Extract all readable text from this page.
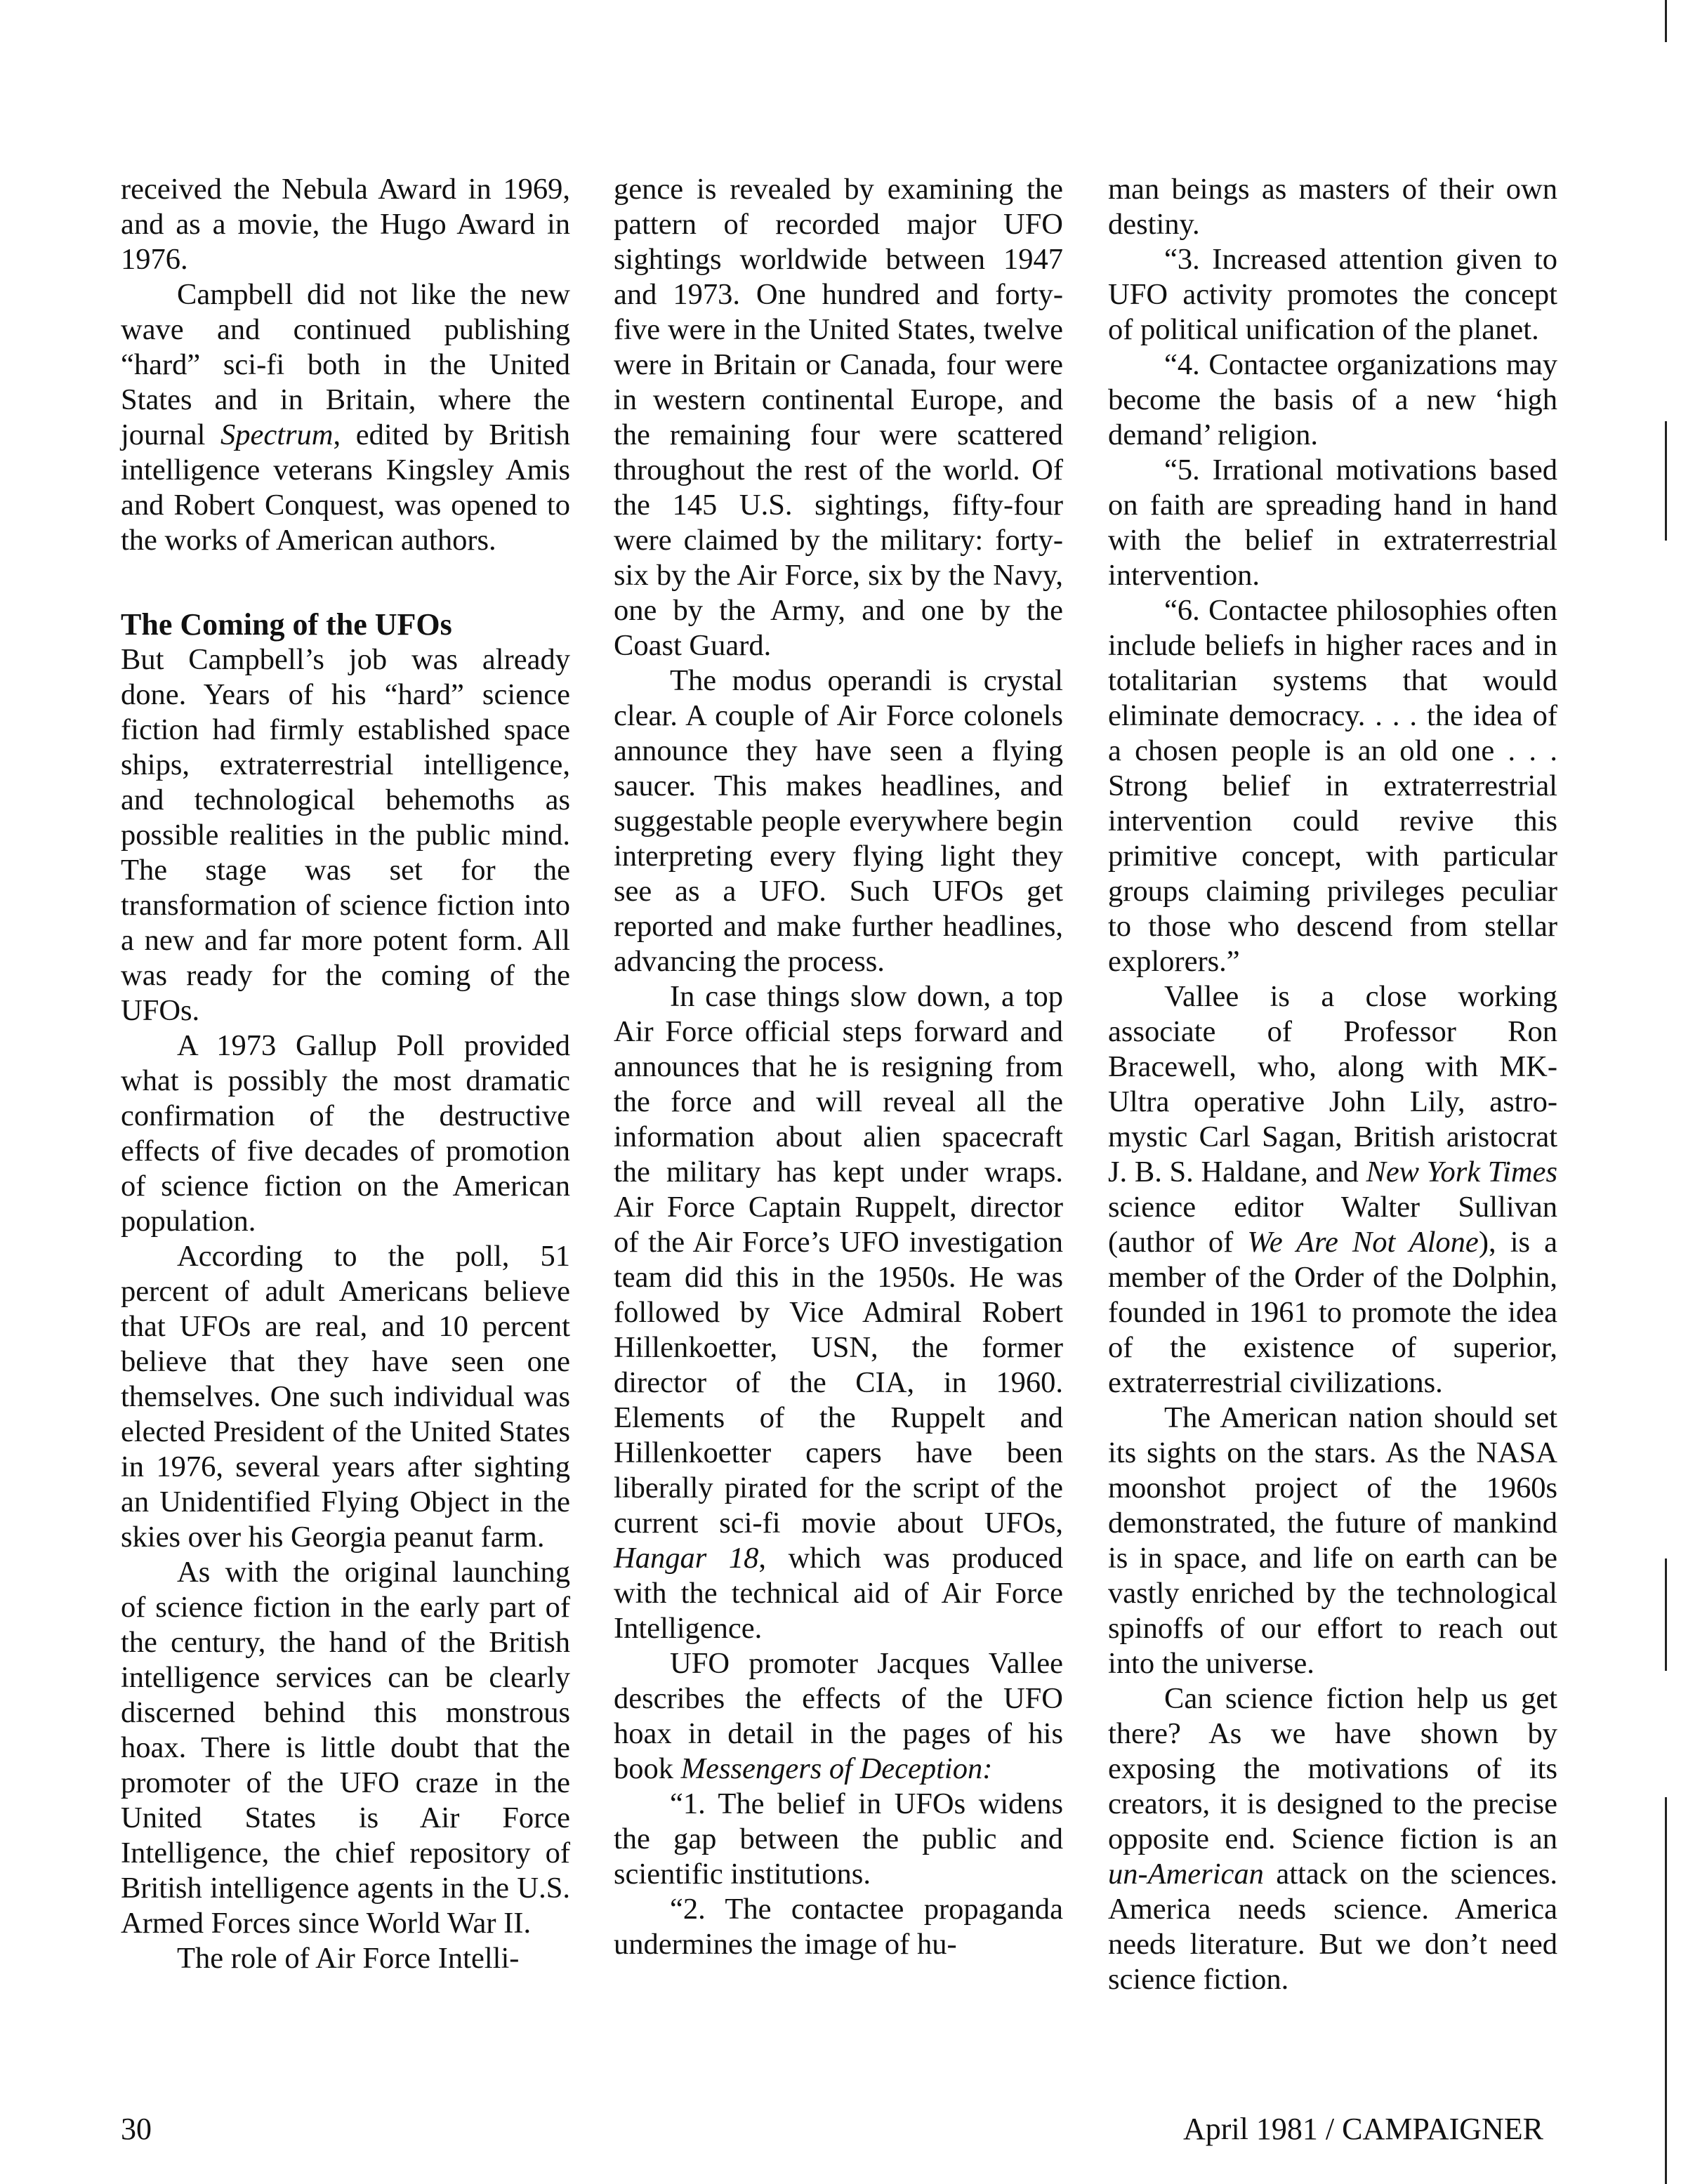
received the Nebula Award in 1969, and as a movie, the Hugo Award in 1976.

Campbell did not like the new wave and continued publishing “hard” sci-fi both in the United States and in Britain, where the journal Spectrum, edited by British intelligence veterans Kingsley Amis and Robert Conquest, was opened to the works of American authors.

The Coming of the UFOs

But Campbell’s job was already done. Years of his “hard” science fiction had firmly established space ships, extraterrestrial intelligence, and technological behemoths as possible realities in the public mind. The stage was set for the transformation of science fiction into a new and far more potent form. All was ready for the coming of the UFOs.

A 1973 Gallup Poll provided what is possibly the most dramatic confirmation of the destructive effects of five decades of promotion of science fiction on the American population.

According to the poll, 51 percent of adult Americans believe that UFOs are real, and 10 percent believe that they have seen one themselves. One such individual was elected President of the United States in 1976, several years after sighting an Unidentified Flying Object in the skies over his Georgia peanut farm.

As with the original launching of science fiction in the early part of the century, the hand of the British intelligence services can be clearly discerned behind this monstrous hoax. There is little doubt that the promoter of the UFO craze in the United States is Air Force Intelligence, the chief repository of British intelligence agents in the U.S. Armed Forces since World War II.

The role of Air Force Intelli-

gence is revealed by examining the pattern of recorded major UFO sightings worldwide between 1947 and 1973. One hundred and forty-five were in the United States, twelve were in Britain or Canada, four were in western continental Europe, and the remaining four were scattered throughout the rest of the world. Of the 145 U.S. sightings, fifty-four were claimed by the military: forty-six by the Air Force, six by the Navy, one by the Army, and one by the Coast Guard.

The modus operandi is crystal clear. A couple of Air Force colonels announce they have seen a flying saucer. This makes headlines, and suggestable people everywhere begin interpreting every flying light they see as a UFO. Such UFOs get reported and make further headlines, advancing the process.

In case things slow down, a top Air Force official steps forward and announces that he is resigning from the force and will reveal all the information about alien spacecraft the military has kept under wraps. Air Force Captain Ruppelt, director of the Air Force’s UFO investigation team did this in the 1950s. He was followed by Vice Admiral Robert Hillenkoetter, USN, the former director of the CIA, in 1960. Elements of the Ruppelt and Hillenkoetter capers have been liberally pirated for the script of the current sci-fi movie about UFOs, Hangar 18, which was produced with the technical aid of Air Force Intelligence.

UFO promoter Jacques Vallee describes the effects of the UFO hoax in detail in the pages of his book Messengers of Deception:

“1. The belief in UFOs widens the gap between the public and scientific institutions.

“2. The contactee propaganda undermines the image of hu-

man beings as masters of their own destiny.

“3. Increased attention given to UFO activity promotes the concept of political unification of the planet.

“4. Contactee organizations may become the basis of a new ‘high demand’ religion.

“5. Irrational motivations based on faith are spreading hand in hand with the belief in extraterrestrial intervention.

“6. Contactee philosophies often include beliefs in higher races and in totalitarian systems that would eliminate democracy. . . . the idea of a chosen people is an old one . . . Strong belief in extraterrestrial intervention could revive this primitive concept, with particular groups claiming privileges peculiar to those who descend from stellar explorers.”

Vallee is a close working associate of Professor Ron Bracewell, who, along with MK-Ultra operative John Lily, astro-mystic Carl Sagan, British aristocrat J. B. S. Haldane, and New York Times science editor Walter Sullivan (author of We Are Not Alone), is a member of the Order of the Dolphin, founded in 1961 to promote the idea of the existence of superior, extraterrestrial civilizations.

The American nation should set its sights on the stars. As the NASA moonshot project of the 1960s demonstrated, the future of mankind is in space, and life on earth can be vastly enriched by the technological spinoffs of our effort to reach out into the universe.

Can science fiction help us get there? As we have shown by exposing the motivations of its creators, it is designed to the precise opposite end. Science fiction is an un-American attack on the sciences. America needs science. America needs literature. But we don’t need science fiction.

30	April 1981 / CAMPAIGNER
